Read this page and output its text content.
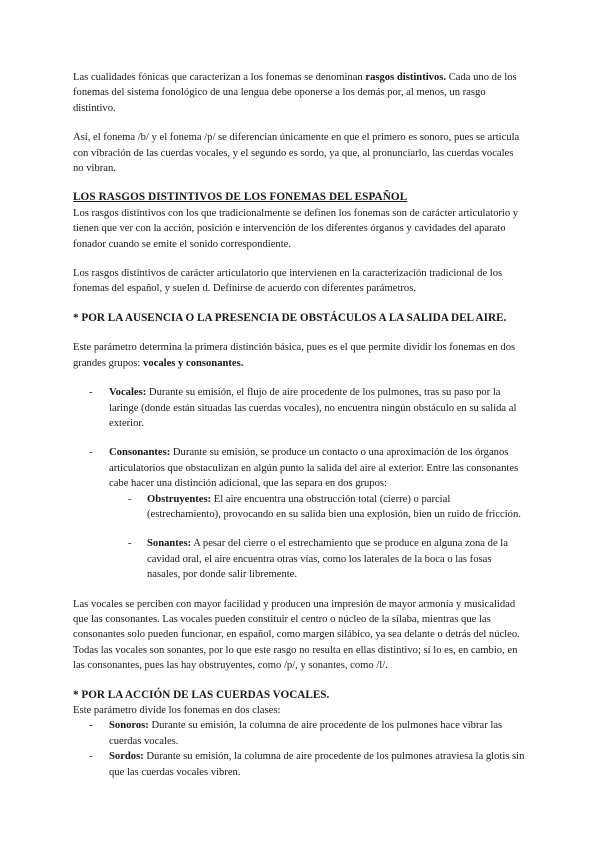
Las cualidades fónicas que caracterizan a los fonemas se denominan rasgos distintivos. Cada uno de los fonemas del sistema fonológico de una lengua debe oponerse a los demás por, al menos, un rasgo distintivo.

Así, el fonema /b/ y el fonema /p/ se diferencian únicamente en que el primero es sonoro, pues se articula con vibración de las cuerdas vocales, y el segundo es sordo, ya que, al pronunciarlo, las cuerdas vocales no vibran.

LOS RASGOS DISTINTIVOS DE LOS FONEMAS DEL ESPAÑOL

Los rasgos distintivos con los que tradicionalmente se definen los fonemas son de carácter articulatorio y tienen que ver con la acción, posición e intervención de los diferentes órganos y cavidades del aparato fonador cuando se emite el sonido correspondiente.

Los rasgos distintivos de carácter articulatorio que intervienen en la caracterización tradicional de los fonemas del español, y suelen d. Definirse de acuerdo con diferentes parámetros.

* POR LA AUSENCIA O LA PRESENCIA DE OBSTÁCULOS A LA SALIDA DEL AIRE.

Este parámetro determina la primera distinción básica, pues es el que permite dividir los fonemas en dos grandes grupos: vocales y consonantes.

- Vocales: Durante su emisión, el flujo de aire procedente de los pulmones, tras su paso por la laringe (donde están situadas las cuerdas vocales), no encuentra ningún obstáculo en su salida al exterior.
- Consonantes: Durante su emisión, se produce un contacto o una aproximación de los órganos articulatorios que obstaculizan en algún punto la salida del aire al exterior. Entre las consonantes cabe hacer una distinción adicional, que las separa en dos grupos:
- Obstruyentes: El aire encuentra una obstrucción total (cierre) o parcial (estrechamiento), provocando en su salida bien una explosión, bien un ruido de fricción.
- Sonantes: A pesar del cierre o el estrechamiento que se produce en alguna zona de la cavidad oral, el aire encuentra otras vías, como los laterales de la boca o las fosas nasales, por donde salir libremente.

Las vocales se perciben con mayor facilidad y producen una impresión de mayor armonía y musicalidad que las consonantes. Las vocales pueden constituir el centro o núcleo de la sílaba, mientras que las consonantes solo pueden funcionar, en español, como margen silábico, ya sea delante o detrás del núcleo. Todas las vocales son sonantes, por lo que este rasgo no resulta en ellas distintivo; sí lo es, en cambio, en las consonantes, pues las hay obstruyentes, como /p/, y sonantes, como /l/.

* POR LA ACCIÓN DE LAS CUERDAS VOCALES.

Este parámetro divide los fonemas en dos clases:

- Sonoros: Durante su emisión, la columna de aire procedente de los pulmones hace vibrar las cuerdas vocales.
- Sordos: Durante su emisión, la columna de aire procedente de los pulmones atraviesa la glotis sin que las cuerdas vocales vibren.
